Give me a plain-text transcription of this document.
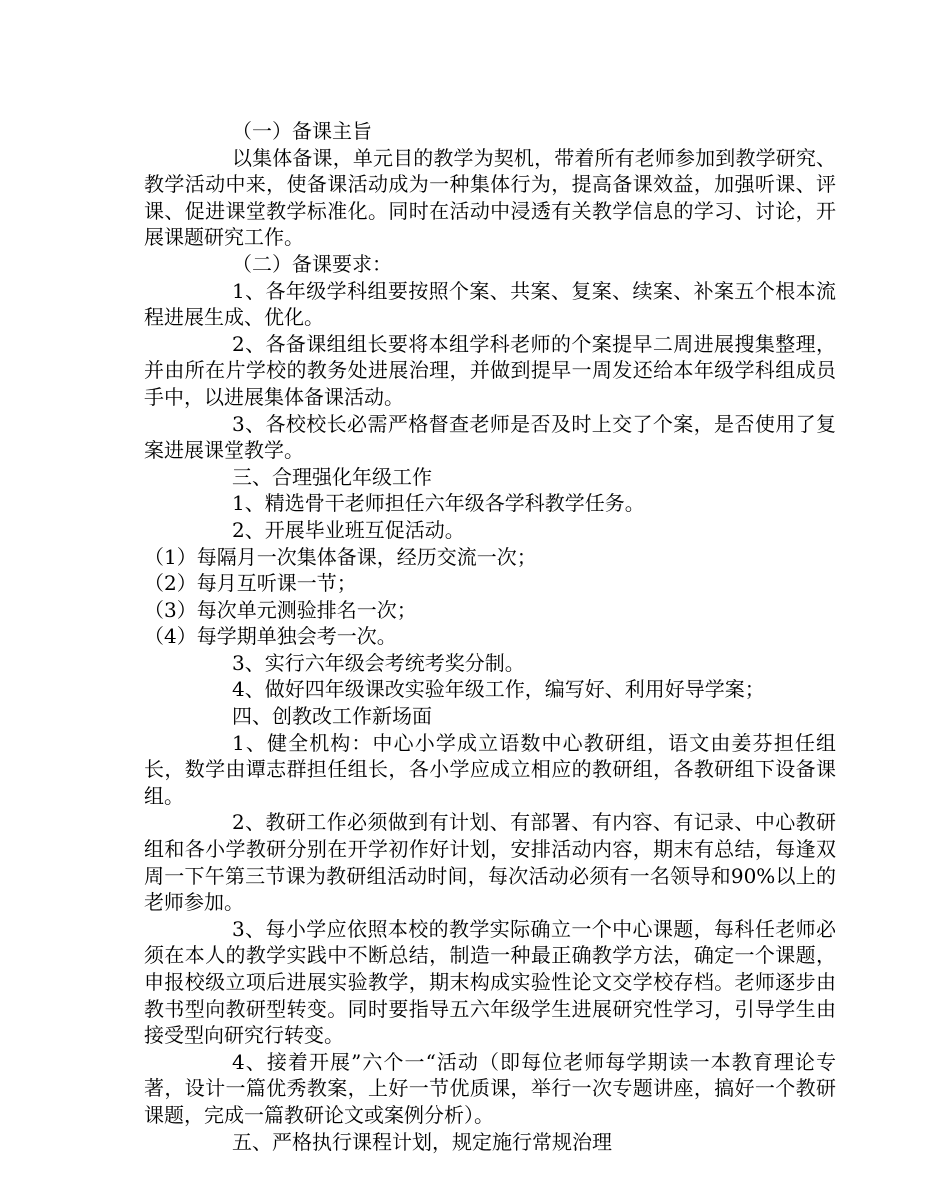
（一）备课主旨

以集体备课，单元目的教学为契机，带着所有老师参加到教学研究、教学活动中来，使备课活动成为一种集体行为，提高备课效益，加强听课、评课、促进课堂教学标准化。同时在活动中浸透有关教学信息的学习、讨论，开展课题研究工作。

（二）备课要求：

1、各年级学科组要按照个案、共案、复案、续案、补案五个根本流程进展生成、优化。

2、各备课组组长要将本组学科老师的个案提早二周进展搜集整理，并由所在片学校的教务处进展治理，并做到提早一周发还给本年级学科组成员手中，以进展集体备课活动。

3、各校校长必需严格督查老师是否及时上交了个案，是否使用了复案进展课堂教学。

三、合理强化年级工作

1、精选骨干老师担任六年级各学科教学任务。

2、开展毕业班互促活动。

（1）每隔月一次集体备课，经历交流一次；

（2）每月互听课一节；

（3）每次单元测验排名一次；

（4）每学期单独会考一次。

3、实行六年级会考统考奖分制。

4、做好四年级课改实验年级工作，编写好、利用好导学案；

四、创教改工作新场面

1、健全机构：中心小学成立语数中心教研组，语文由姜芬担任组长，数学由谭志群担任组长，各小学应成立相应的教研组，各教研组下设备课组。

2、教研工作必须做到有计划、有部署、有内容、有记录、中心教研组和各小学教研分别在开学初作好计划，安排活动内容，期末有总结，每逢双周一下午第三节课为教研组活动时间，每次活动必须有一名领导和90%以上的老师参加。

3、每小学应依照本校的教学实际确立一个中心课题，每科任老师必须在本人的教学实践中不断总结，制造一种最正确教学方法，确定一个课题，申报校级立项后进展实验教学，期末构成实验性论文交学校存档。老师逐步由教书型向教研型转变。同时要指导五六年级学生进展研究性学习，引导学生由接受型向研究行转变。

4、接着开展”六个一“活动（即每位老师每学期读一本教育理论专著，设计一篇优秀教案，上好一节优质课，举行一次专题讲座，搞好一个教研课题，完成一篇教研论文或案例分析）。

五、严格执行课程计划，规定施行常规治理
